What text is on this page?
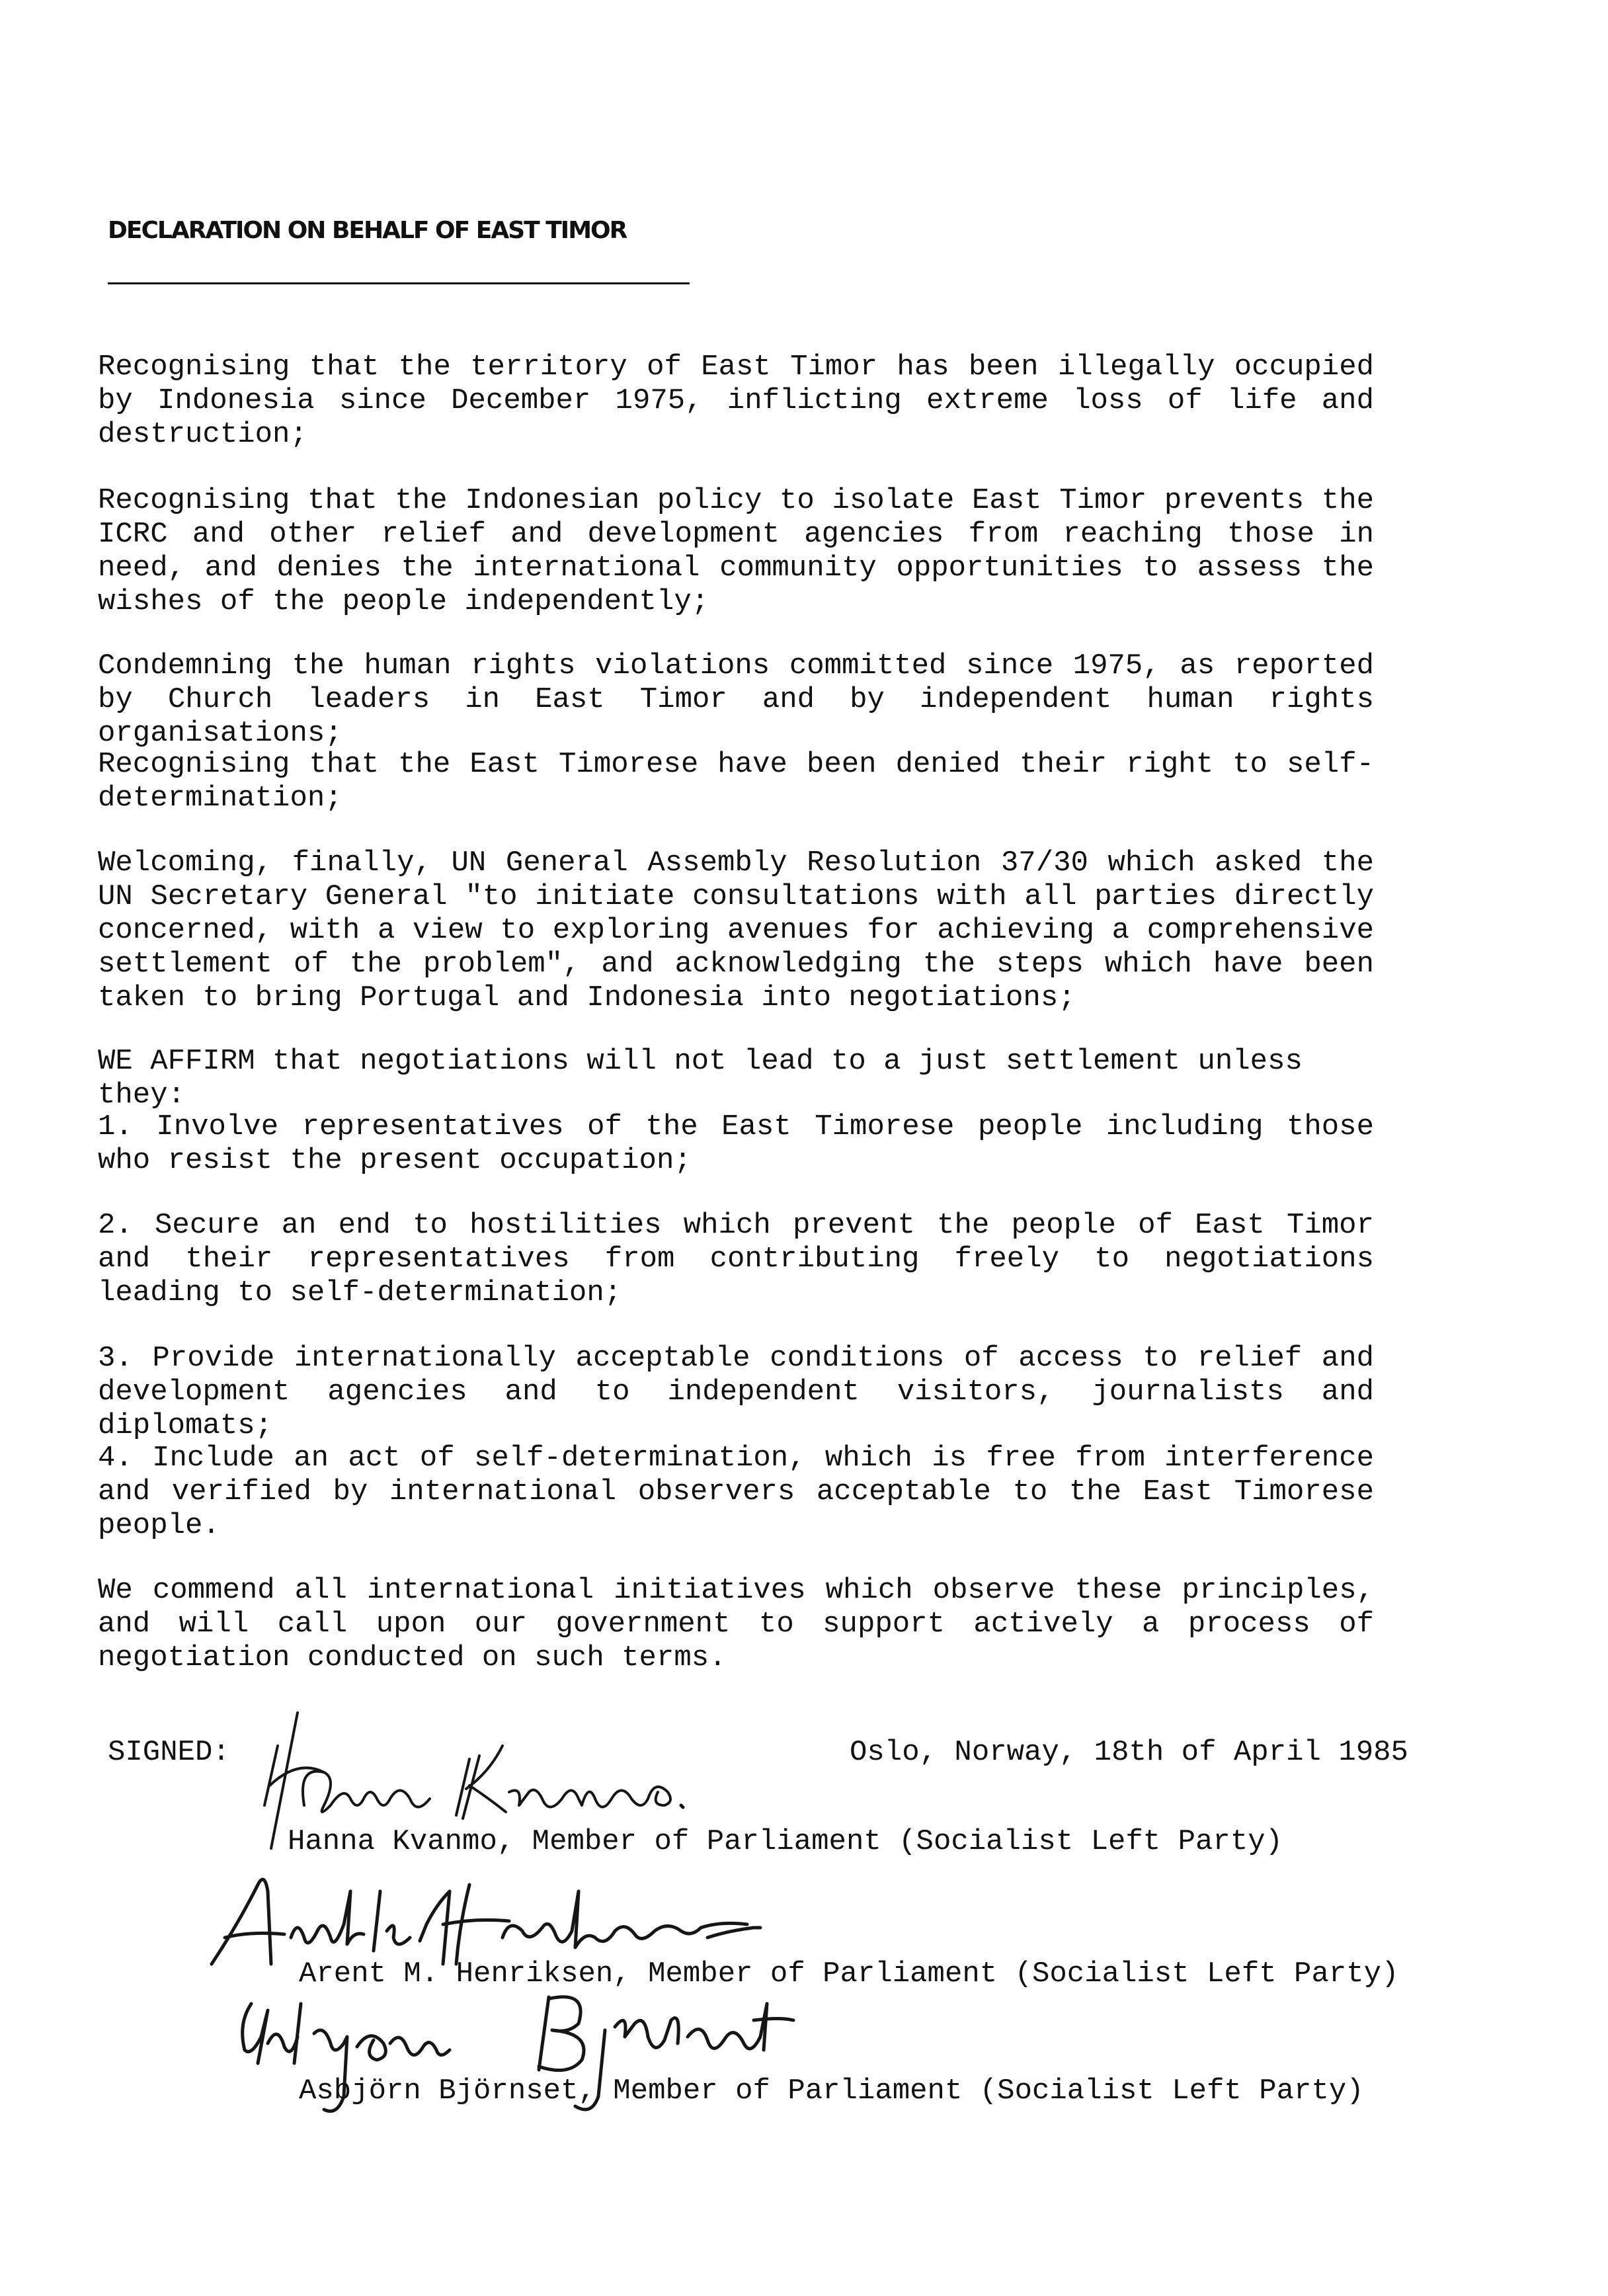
DECLARATION ON BEHALF OF EAST TIMOR

Recognising that the territory of East Timor has been illegally occupied by Indonesia since December 1975, inflicting extreme loss of life and destruction;

Recognising that the Indonesian policy to isolate East Timor prevents the ICRC and other relief and development agencies from reaching those in need, and denies the international community opportunities to assess the wishes of the people independently;

Condemning the human rights violations committed since 1975, as reported by Church leaders in East Timor and by independent human rights organisations;

Recognising that the East Timorese have been denied their right to self-determination;

Welcoming, finally, UN General Assembly Resolution 37/30 which asked the UN Secretary General "to initiate consultations with all parties directly concerned, with a view to exploring avenues for achieving a comprehensive settlement of the problem", and acknowledging the steps which have been taken to bring Portugal and Indonesia into negotiations;

WE AFFIRM that negotiations will not lead to a just settlement unless they:

1. Involve representatives of the East Timorese people including those who resist the present occupation;

2. Secure an end to hostilities which prevent the people of East Timor and their representatives from contributing freely to negotiations leading to self-determination;

3. Provide internationally acceptable conditions of access to relief and development agencies and to independent visitors, journalists and diplomats;

4. Include an act of self-determination, which is free from interference and verified by international observers acceptable to the East Timorese people.

We commend all international initiatives which observe these principles, and will call upon our government to support actively a process of negotiation conducted on such terms.

SIGNED:	Oslo, Norway, 18th of April 1985
Hanna Kvanmo, Member of Parliament (Socialist Left Party)
Arent M. Henriksen, Member of Parliament (Socialist Left Party)
Asbjörn Björnset, Member of Parliament (Socialist Left Party)
